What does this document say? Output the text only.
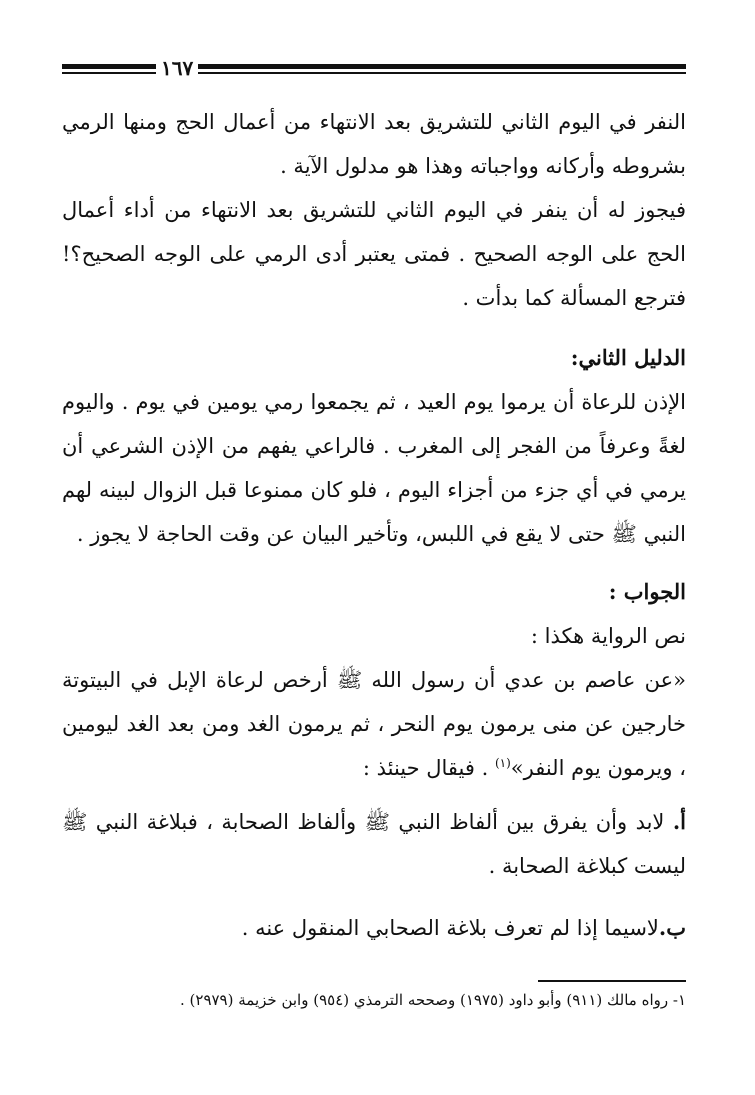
١٦٧

النفر في اليوم الثاني للتشريق بعد الانتهاء من أعمال الحج ومنها الرمي بشروطه وأركانه وواجباته وهذا هو مدلول الآية .

فيجوز له أن ينفر في اليوم الثاني للتشريق بعد الانتهاء من أداء أعمال الحج على الوجه الصحيح . فمتى يعتبر أدى الرمي على الوجه الصحيح؟! فترجع المسألة كما بدأت .

الدليل الثاني:

الإذن للرعاة أن يرموا يوم العيد ، ثم يجمعوا رمي يومين في يوم . واليوم لغةً وعرفاً من الفجر إلى المغرب . فالراعي يفهم من الإذن الشرعي أن يرمي في أي جزء من أجزاء اليوم ، فلو كان ممنوعا قبل الزوال لبينه لهم النبي ﷺ حتى لا يقع في اللبس، وتأخير البيان عن وقت الحاجة لا يجوز .

الجواب :

نص الرواية هكذا :

«عن عاصم بن عدي أن رسول الله ﷺ أرخص لرعاة الإبل في البيتوتة خارجين عن منى يرمون يوم النحر ، ثم يرمون الغد ومن بعد الغد ليومين ، ويرمون يوم النفر»$^{(١)}$ . فيقال حينئذ :

أ. لابد وأن يفرق بين ألفاظ النبي ﷺ وألفاظ الصحابة ، فبلاغة النبي ﷺ ليست كبلاغة الصحابة .

ب.لاسيما إذا لم تعرف بلاغة الصحابي المنقول عنه .

١- رواه مالك (٩١١) وأبو داود (١٩٧٥) وصححه الترمذي (٩٥٤) وابن خزيمة (٢٩٧٩) .
